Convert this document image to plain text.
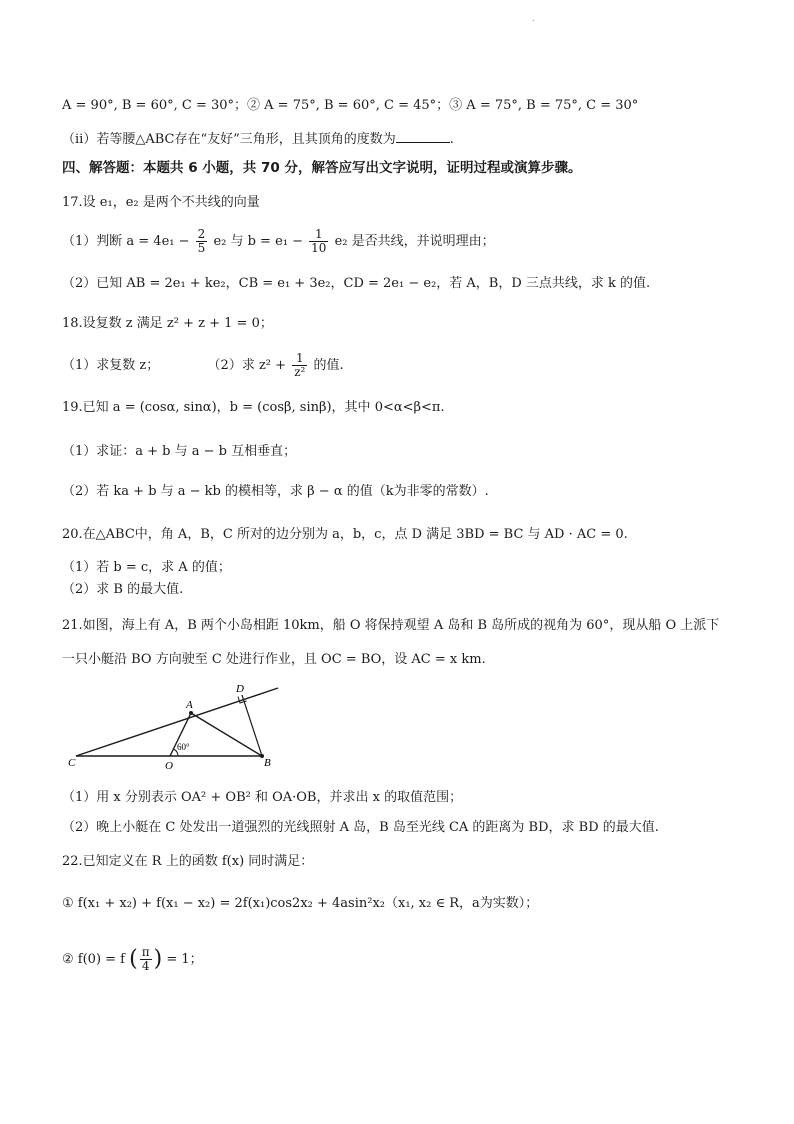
.
A = 90°, B = 60°, C = 30°；② A = 75°, B = 60°, C = 45°；③ A = 75°, B = 75°, C = 30°
（ii）若等腰△ABC存在“友好”三角形，且其顶角的度数为	.
四、解答题：本题共 6 小题，共 70 分，解答应写出文字说明，证明过程或演算步骤。
17.设 e₁，e₂ 是两个不共线的向量
（1）判断 $a = 4e_1 - \frac{2}{5} e_2$ 与 $b = e_1 - \frac{1}{10} e_2$ 是否共线，并说明理由；
（2）已知 AB = 2e₁ + ke₂，CB = e₁ + 3e₂，CD = 2e₁ − e₂，若 A，B，D 三点共线，求 k 的值.
18.设复数 z 满足 z² + z + 1 = 0；
（1）求复数 z；	（2）求 $z^2 + \frac{1}{\text{z²}}$ 的值.
19.已知 a = (cosα, sinα)，b = (cosβ, sinβ)，其中 0<α<β<π.
（1）求证：a + b 与 a − b 互相垂直；
（2）若 ka + b 与 a − kb 的模相等，求 β − α 的值（k为非零的常数）.
20.在△ABC中，角 A，B，C 所对的边分别为 a，b，c，点 D 满足 3BD = BC 与 AD · AC = 0.
（1）若 b = c，求 A 的值；
（2）求 B 的最大值.
21.如图，海上有 A，B 两个小岛相距 10km，船 O 将保持观望 A 岛和 B 岛所成的视角为 60°，现从船 O 上派下
一只小艇沿 BO 方向驶至 C 处进行作业，且 OC = BO，设 AC = x km.
A
B
C
D
O
60°
（1）用 x 分别表示 OA² + OB² 和 OA·OB，并求出 x 的取值范围；
（2）晚上小艇在 C 处发出一道强烈的光线照射 A 岛，B 岛至光线 CA 的距离为 BD，求 BD 的最大值.
22.已知定义在 R 上的函数 f(x) 同时满足：
① f(x₁ + x₂) + f(x₁ − x₂) = 2f(x₁)cos2x₂ + 4asin²x₂（x₁, x₂ ∈ R，a为实数）；
② f(0) = f ( $\frac{\pi}{4}$ ) = 1；
